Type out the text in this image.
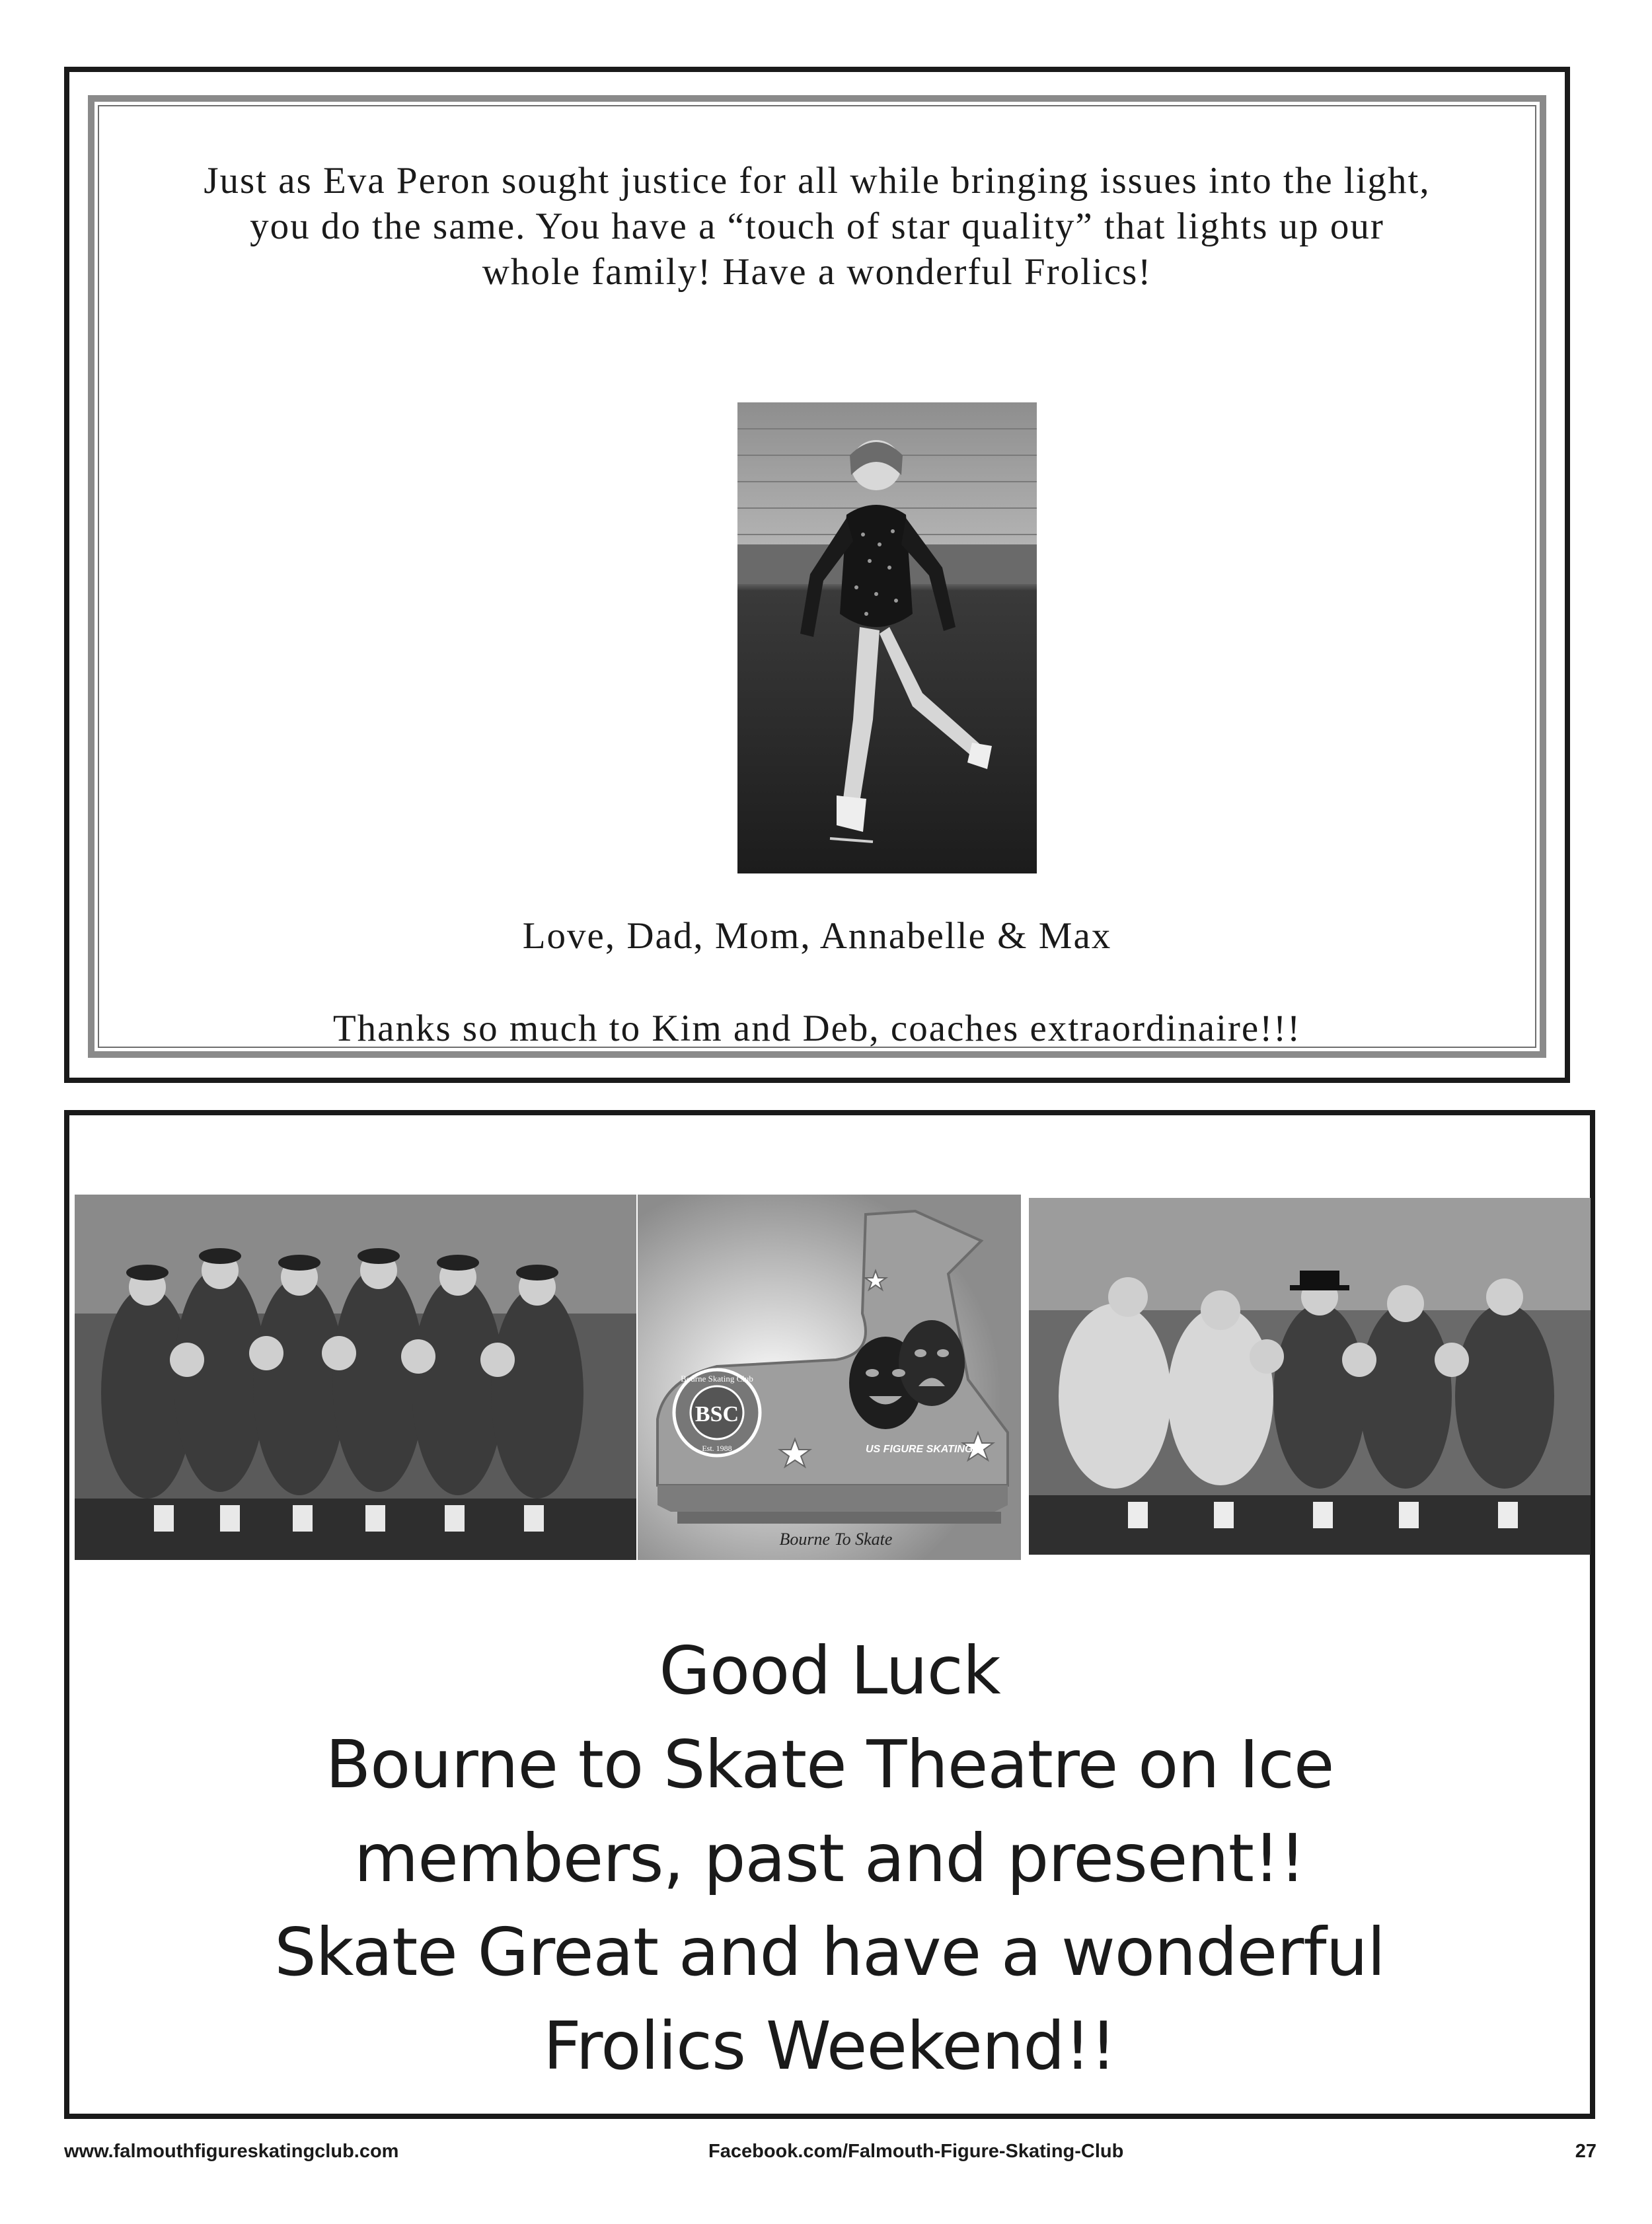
Just as Eva Peron sought justice for all while bringing issues into the light,
you do the same. You have a “touch of star quality” that lights up our
whole family! Have a wonderful Frolics!
Love, Dad, Mom, Annabelle & Max
Thanks so much to Kim and Deb, coaches extraordinaire!!!
Bourne To Skate
BSC
Bourne Skating Club
Est. 1988	US FIGURE SKATING
Good Luck
Bourne to Skate Theatre on Ice
members, past and present!!
Skate Great and have a wonderful
Frolics Weekend!!
www.falmouthfigureskatingclub.com	Facebook.com/Falmouth-Figure-Skating-Club	27
